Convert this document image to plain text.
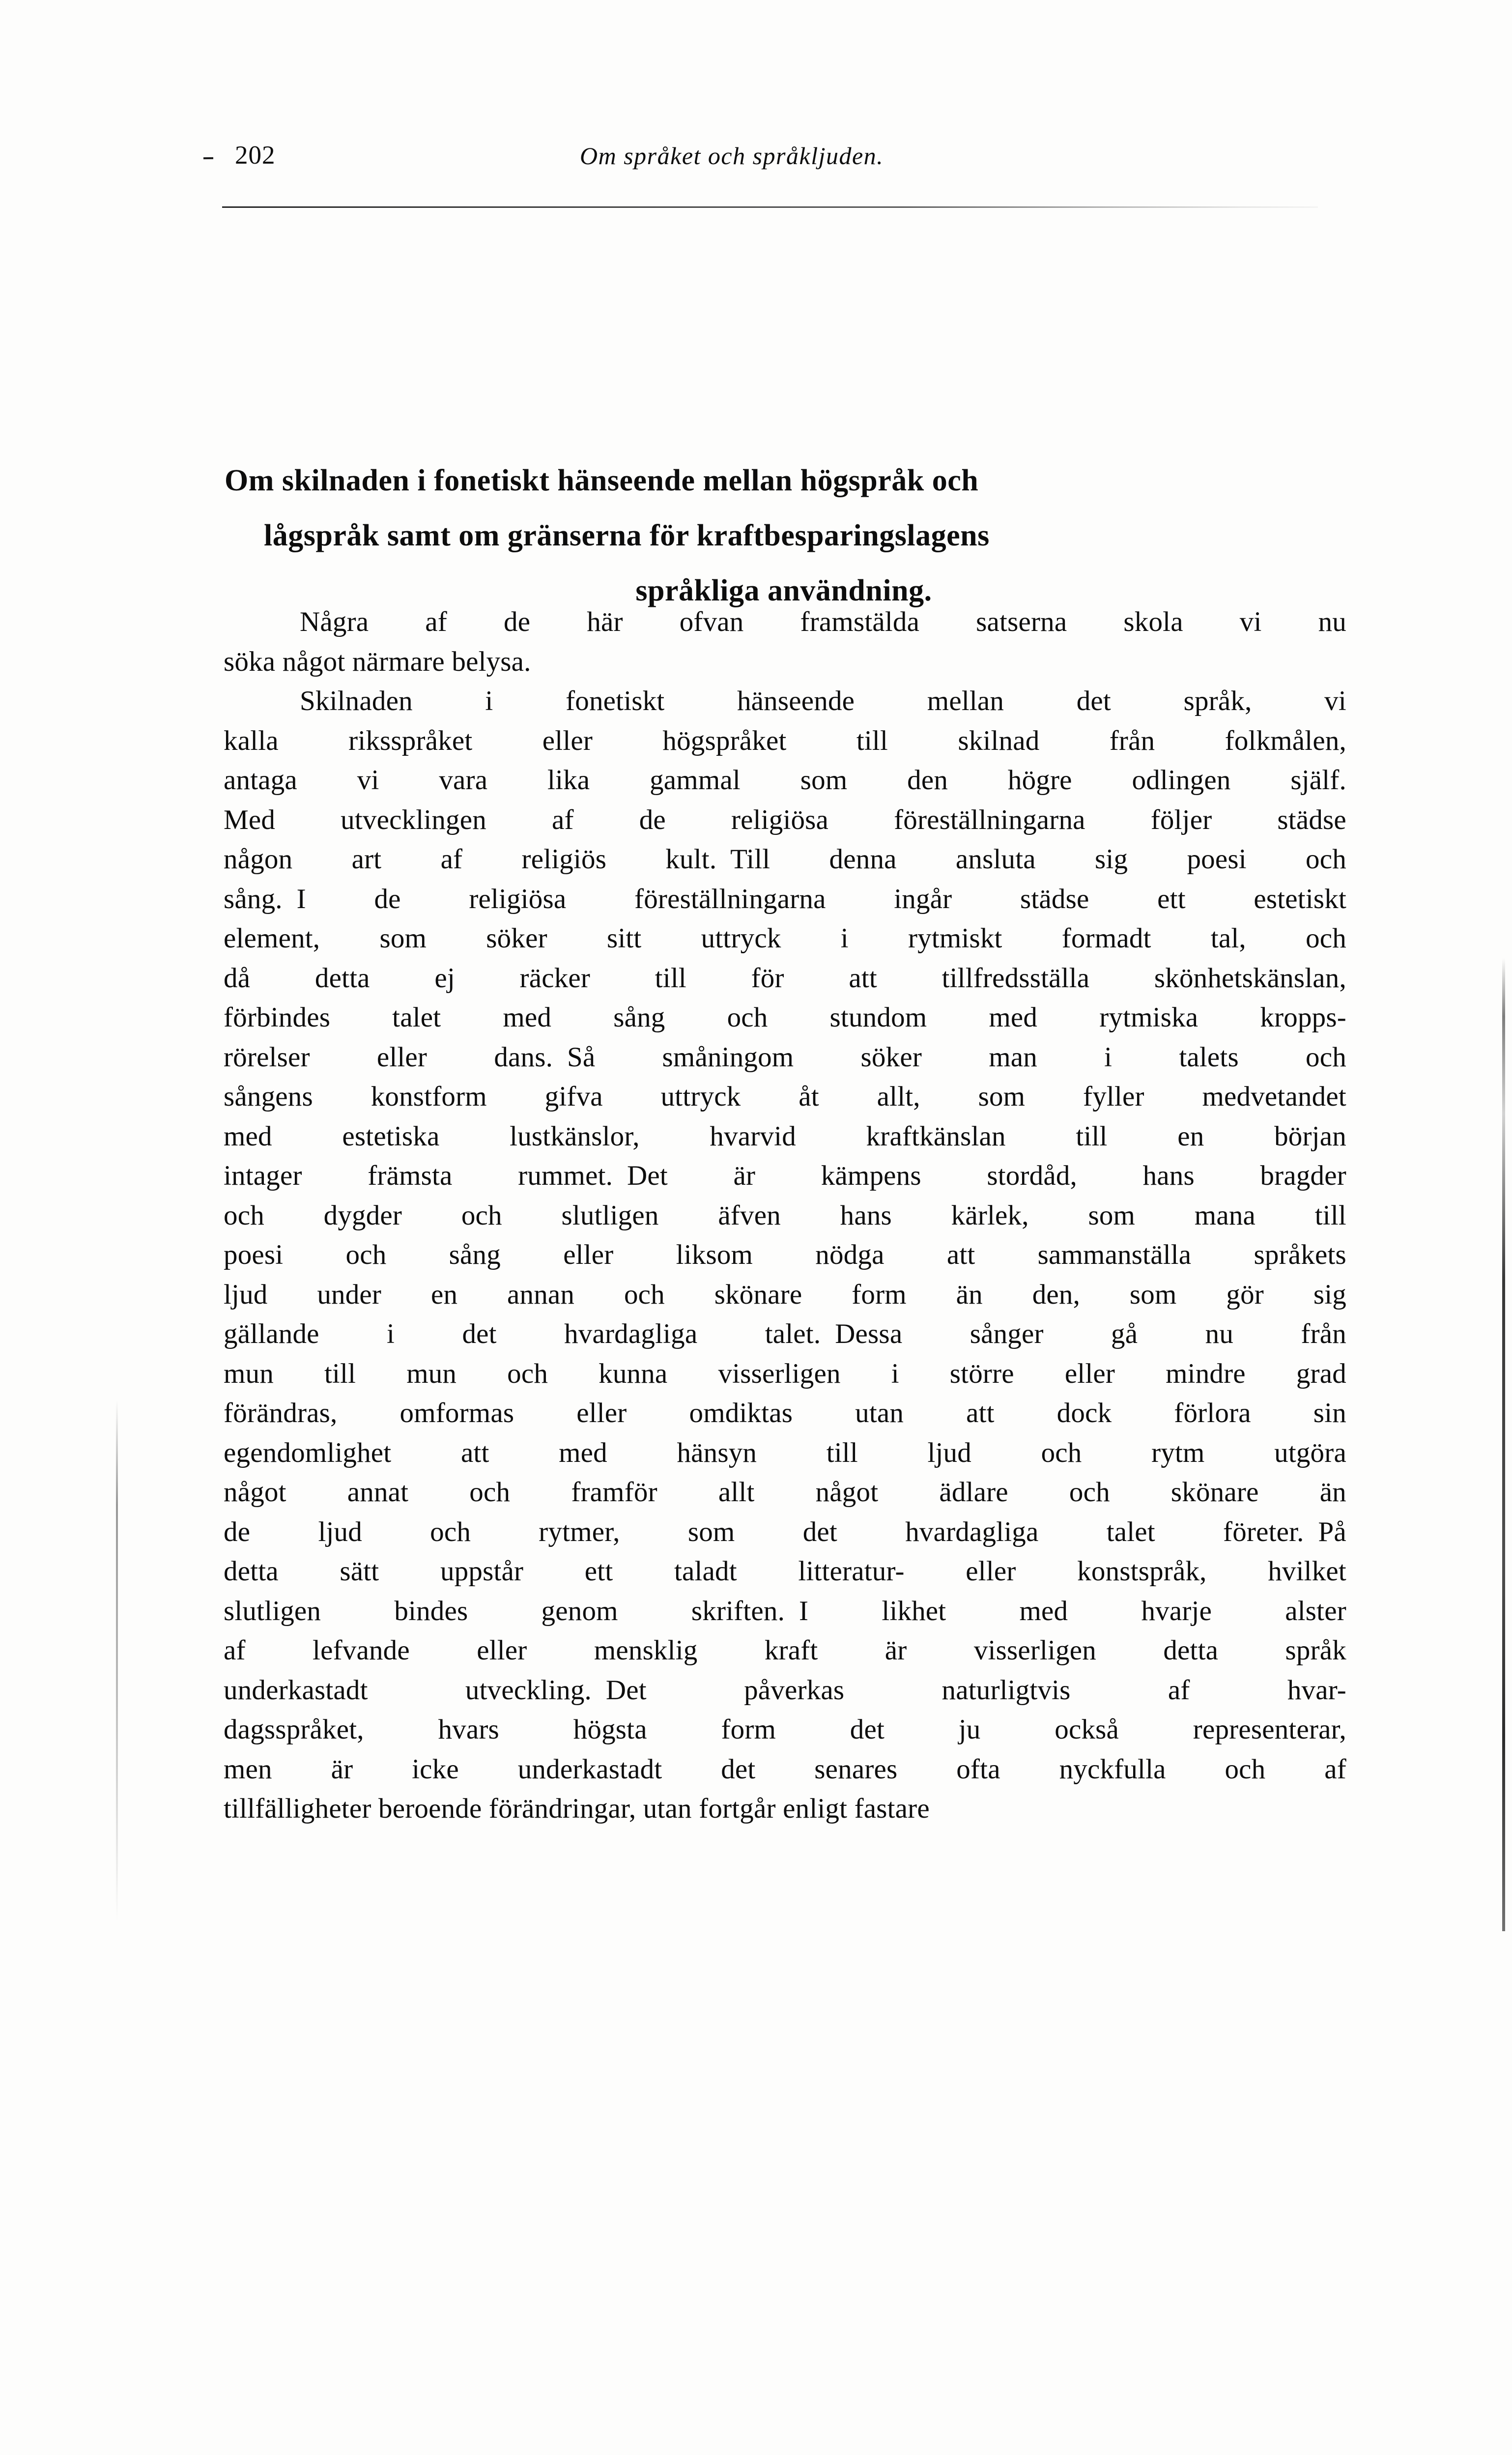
202	Om språket och språkljuden.
Om skilnaden i fonetiskt hänseende mellan högspråk och
lågspråk samt om gränserna för kraftbesparingslagens
språkliga användning.
Några af de här ofvan framstälda satserna skola vi nu
söka något närmare belysa.
Skilnaden	i	fonetiskt	hänseende	mellan	det	språk,	vi
kalla riksspråket eller högspråket till skilnad från folkmålen,
antaga vi vara lika gammal som den högre odlingen själf.
Med utvecklingen af de religiösa föreställningarna följer städse
någon art af religiös kult.  Till denna ansluta sig poesi och
sång.  I de religiösa föreställningarna ingår städse ett estetiskt
element, som söker sitt uttryck i rytmiskt formadt tal, och
då detta ej räcker till för att tillfredsställa skönhetskänslan,
förbindes talet med sång och stundom med rytmiska kropps-
rörelser eller dans.  Så småningom söker man i talets och
sångens konstform gifva uttryck åt allt, som fyller medvetandet
med	estetiska	lustkänslor,	hvarvid	kraftkänslan	till	en	början
intager främsta rummet.  Det är kämpens stordåd, hans bragder
och dygder och slutligen äfven hans kärlek, som mana till
poesi och sång eller liksom nödga att sammanställa språkets
ljud under en annan och skönare form än den, som gör sig
gällande i det hvardagliga talet.  Dessa sånger gå nu från
mun till mun och kunna visserligen i större eller mindre grad
förändras, omformas eller omdiktas utan att dock förlora sin
egendomlighet att med hänsyn till ljud och rytm utgöra
något annat och framför allt något ädlare och skönare än
de ljud och rytmer, som det hvardagliga talet företer.  På
detta sätt uppstår ett taladt litteratur- eller konstspråk, hvilket
slutligen	bindes	genom	skriften.  I	likhet	med	hvarje	alster
af lefvande eller mensklig kraft är visserligen detta språk
underkastadt	utveckling.  Det	påverkas	naturligtvis	af	hvar-
dagsspråket,	hvars	högsta	form	det	ju	också	representerar,
men är icke underkastadt det senares ofta nyckfulla och af
tillfälligheter beroende förändringar, utan fortgår enligt fastare
